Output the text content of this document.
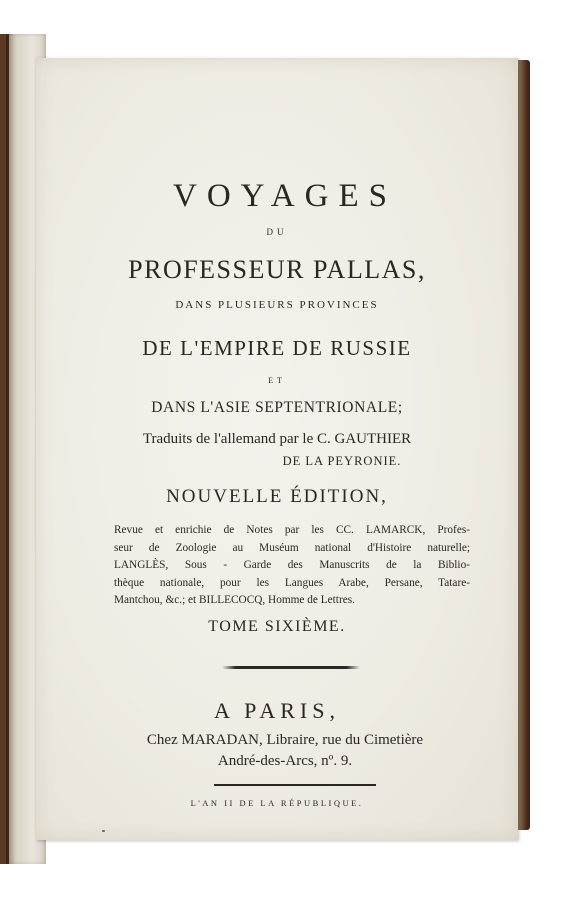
VOYAGES

DU

PROFESSEUR PALLAS,

DANS PLUSIEURS PROVINCES

DE L'EMPIRE DE RUSSIE

ET

DANS L'ASIE SEPTENTRIONALE;

Traduits de l'allemand par le C. GAUTHIER

DE LA PEYRONIE.

NOUVELLE ÉDITION,

Revue et enrichie de Notes par les CC. LAMARCK, Profes-
seur de Zoologie au Muséum national d'Histoire naturelle;
LANGLÈS, Sous - Garde des Manuscrits de la Biblio-
thèque nationale, pour les Langues Arabe, Persane, Tatare-
Mantchou, &c.; et BILLECOCQ, Homme de Lettres.

TOME SIXIÈME.

A PARIS,

Chez MARADAN, Libraire, rue du Cimetière

André-des-Arcs, nº. 9.

L'AN II DE LA RÉPUBLIQUE.
